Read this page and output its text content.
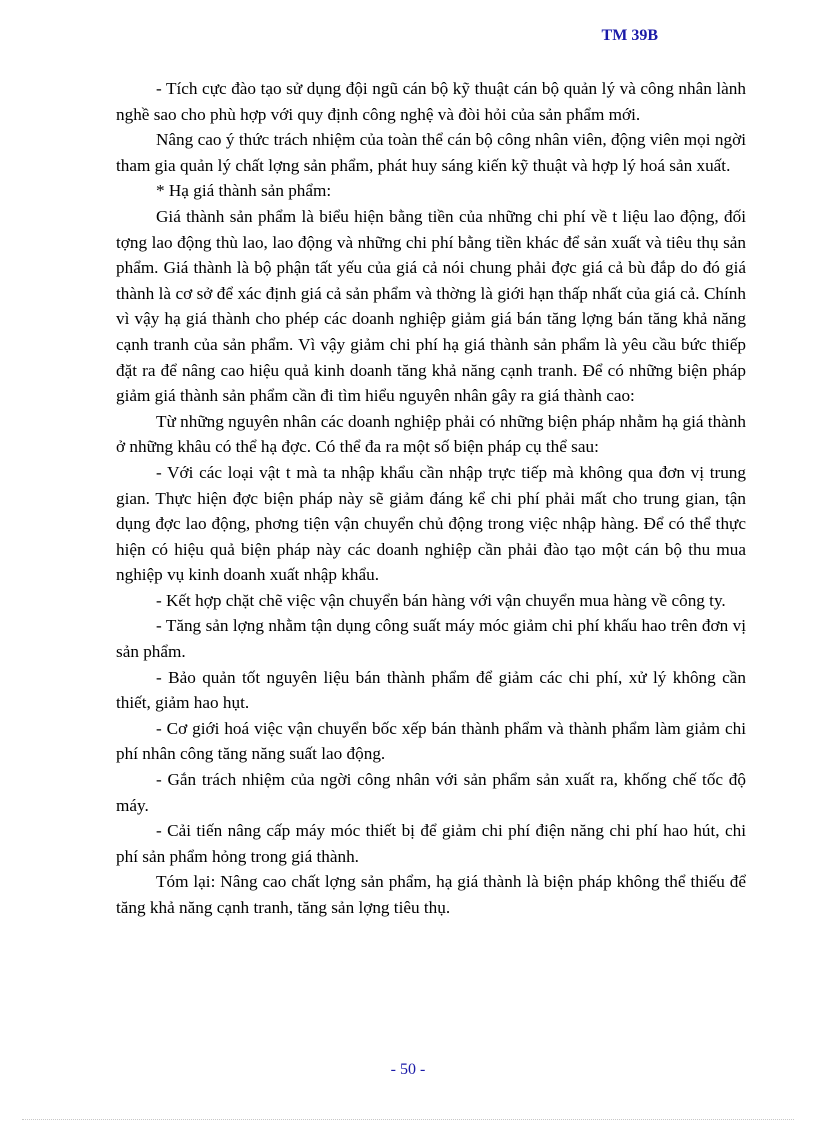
TM 39B

- Tích cực đào tạo sử dụng đội ngũ cán bộ kỹ thuật cán bộ quản lý và công nhân lành nghề sao cho phù hợp với quy định công nghệ và đòi hỏi của sản phẩm mới.

Nâng cao ý thức trách nhiệm của toàn thể cán bộ công nhân viên, động viên mọi ngời tham gia quản lý chất lợng sản phẩm, phát huy sáng kiến kỹ thuật và hợp lý hoá sản xuất.

* Hạ giá thành sản phẩm:

Giá thành sản phẩm là biểu hiện bằng tiền của những chi phí về t liệu lao động, đối tợng lao động thù lao, lao động và những chi phí bằng tiền khác để sản xuất và tiêu thụ sản phẩm. Giá thành là bộ phận tất yếu của giá cả nói chung phải đợc giá cả bù đắp do đó giá thành là cơ sở để xác định giá cả sản phẩm và thờng là giới hạn thấp nhất của giá cả. Chính vì vậy hạ giá thành cho phép các doanh nghiệp giảm giá bán tăng lợng bán tăng khả năng cạnh tranh của sản phẩm. Vì vậy giảm chi phí hạ giá thành sản phẩm là yêu cầu bức thiếp đặt ra để nâng cao hiệu quả kinh doanh tăng khả năng cạnh tranh. Để có những biện pháp giảm giá thành sản phẩm cần đi tìm hiểu nguyên nhân gây ra giá thành cao:

Từ những nguyên nhân các doanh nghiệp phải có những biện pháp nhằm hạ giá thành ở những khâu có thể hạ đợc. Có thể đa ra một số biện pháp cụ thể sau:

- Với các loại vật t mà ta nhập khẩu cần nhập trực tiếp mà không qua đơn vị trung gian. Thực hiện đợc biện pháp này sẽ giảm đáng kể chi phí phải mất cho trung gian, tận dụng đợc lao động, phơng tiện vận chuyển chủ động trong việc nhập hàng. Để có thể thực hiện có hiệu quả biện pháp này các doanh nghiệp cần phải đào tạo một cán bộ thu mua nghiệp vụ kinh doanh xuất nhập khẩu.

- Kết hợp chặt chẽ việc vận chuyển bán hàng với vận chuyển mua hàng về công ty.

- Tăng sản lợng nhằm tận dụng công suất máy móc giảm chi phí khấu hao trên đơn vị sản phẩm.

- Bảo quản tốt nguyên liệu bán thành phẩm để giảm các chi phí, xử lý không cần thiết, giảm hao hụt.

- Cơ giới hoá việc vận chuyển bốc xếp bán thành phẩm và thành phẩm làm giảm chi phí nhân công tăng năng suất lao động.

- Gắn trách nhiệm của ngời công nhân với sản phẩm sản xuất ra, khống chế tốc độ máy.

- Cải tiến nâng cấp máy móc thiết bị để giảm chi phí điện năng chi phí hao hút, chi phí sản phẩm hỏng trong giá thành.

Tóm lại: Nâng cao chất lợng sản phẩm, hạ giá thành là biện pháp không thể thiếu để tăng khả năng cạnh tranh, tăng sản lợng tiêu thụ.

- 50 -
